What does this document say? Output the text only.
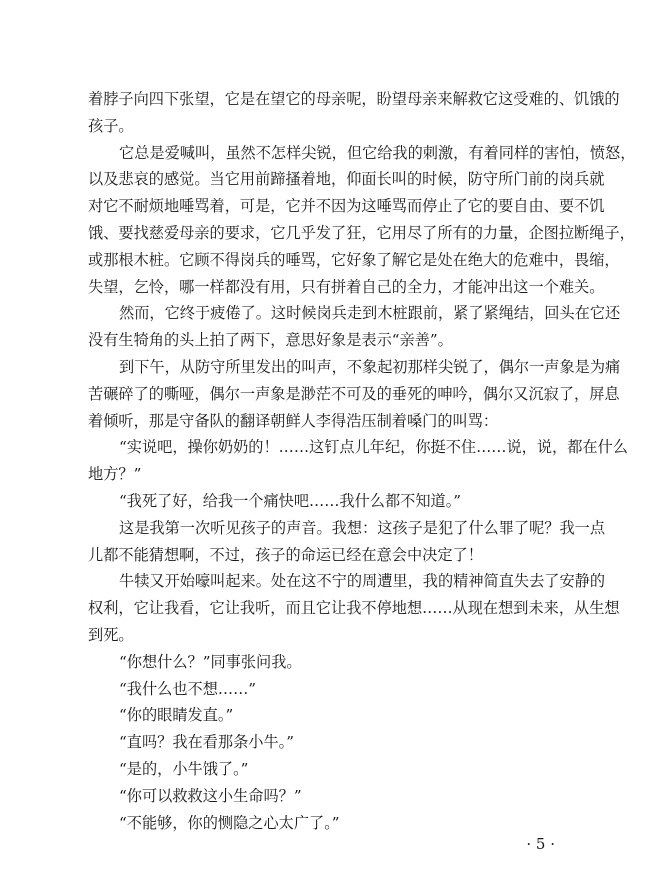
着脖子向四下张望，它是在望它的母亲呢，盼望母亲来解救它这受难的、饥饿的
孩子。
它总是爱喊叫，虽然不怎样尖锐，但它给我的刺激，有着同样的害怕，愤怒，
以及悲哀的感觉。当它用前蹄搔着地，仰面长叫的时候，防守所门前的岗兵就
对它不耐烦地唾骂着，可是，它并不因为这唾骂而停止了它的要自由、要不饥
饿、要找慈爱母亲的要求，它几乎发了狂，它用尽了所有的力量，企图拉断绳子，
或那根木桩。它顾不得岗兵的唾骂，它好象了解它是处在绝大的危难中，畏缩，
失望，乞怜，哪一样都没有用，只有拼着自己的全力，才能冲出这一个难关。
然而，它终于疲倦了。这时候岗兵走到木桩跟前，紧了紧绳结，回头在它还
没有生犄角的头上拍了两下，意思好象是表示“亲善”。
到下午，从防守所里发出的叫声，不象起初那样尖锐了，偶尔一声象是为痛
苦碾碎了的嘶哑，偶尔一声象是渺茫不可及的垂死的呻吟，偶尔又沉寂了，屏息
着倾听，那是守备队的翻译朝鲜人李得浩压制着嗓门的叫骂：
“实说吧，操你奶奶的！……这钉点儿年纪，你挺不住……说，说，都在什么
地方？”
“我死了好，给我一个痛快吧……我什么都不知道。”
这是我第一次听见孩子的声音。我想：这孩子是犯了什么罪了呢？我一点
儿都不能猜想啊，不过，孩子的命运已经在意会中决定了！
牛犊又开始嚎叫起来。处在这不宁的周遭里，我的精神简直失去了安静的
权利，它让我看，它让我听，而且它让我不停地想……从现在想到未来，从生想
到死。
“你想什么？”同事张问我。
“我什么也不想……”
“你的眼睛发直。”
“直吗？我在看那条小牛。”
“是的，小牛饿了。”
“你可以救救这小生命吗？”
“不能够，你的恻隐之心太广了。”
· 5 ·
